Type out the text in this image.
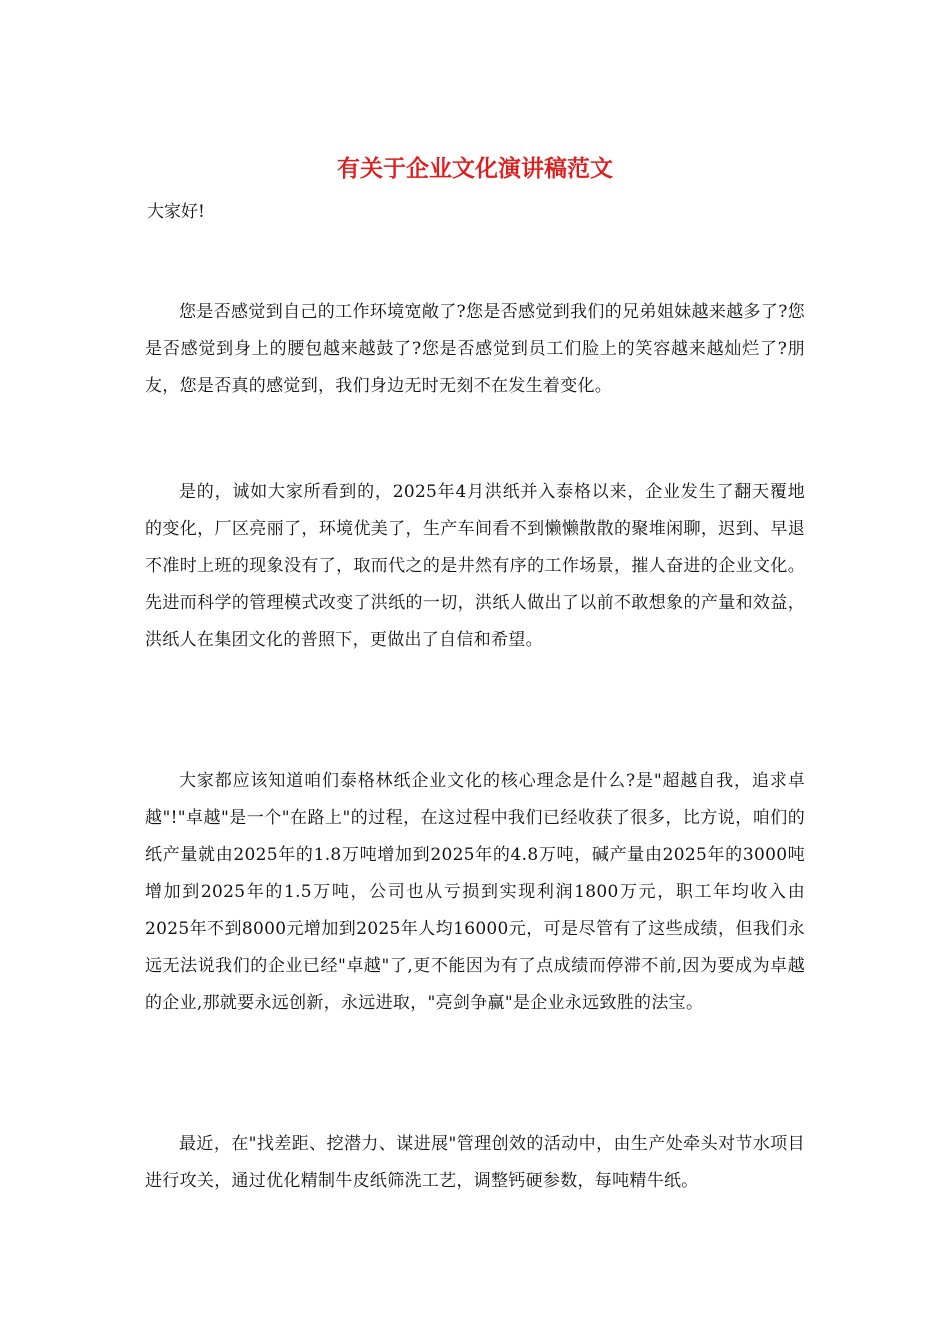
有关于企业文化演讲稿范文

大家好!

您是否感觉到自己的工作环境宽敞了?您是否感觉到我们的兄弟姐妹越来越多了?您是否感觉到身上的腰包越来越鼓了?您是否感觉到员工们脸上的笑容越来越灿烂了?朋友，您是否真的感觉到，我们身边无时无刻不在发生着变化。

是的，诚如大家所看到的，2025年4月洪纸并入泰格以来，企业发生了翻天覆地的变化，厂区亮丽了，环境优美了，生产车间看不到懒懒散散的聚堆闲聊，迟到、早退不准时上班的现象没有了，取而代之的是井然有序的工作场景，摧人奋进的企业文化。先进而科学的管理模式改变了洪纸的一切，洪纸人做出了以前不敢想象的产量和效益，洪纸人在集团文化的普照下，更做出了自信和希望。

大家都应该知道咱们泰格林纸企业文化的核心理念是什么?是"超越自我，追求卓越"!"卓越"是一个"在路上"的过程，在这过程中我们已经收获了很多，比方说，咱们的纸产量就由2025年的1.8万吨增加到2025年的4.8万吨，碱产量由2025年的3000吨增加到2025年的1.5万吨，公司也从亏损到实现利润1800万元，职工年均收入由2025年不到8000元增加到2025年人均16000元，可是尽管有了这些成绩，但我们永远无法说我们的企业已经"卓越"了,更不能因为有了点成绩而停滞不前,因为要成为卓越的企业,那就要永远创新，永远进取，"亮剑争赢"是企业永远致胜的法宝。

最近，在"找差距、挖潜力、谋进展"管理创效的活动中，由生产处牵头对节水项目进行攻关，通过优化精制牛皮纸筛洗工艺，调整钙硬参数，每吨精牛纸。
